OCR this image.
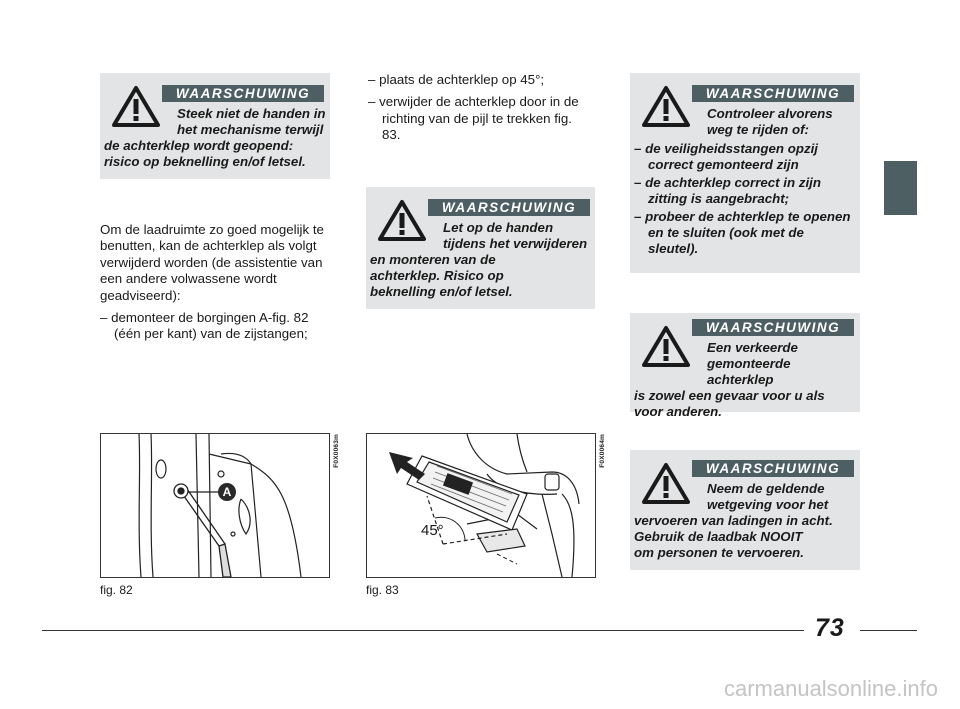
WAARSCHUWING

Steek niet de handen in

het mechanisme terwijl

de achterklep wordt geopend:

risico op beknelling en/of letsel.

Om de laadruimte zo goed mogelijk te benutten, kan de achterklep als volgt verwijderd worden (de assistentie van een andere volwassene wordt geadviseerd):

– demonteer de borgingen A-fig. 82 (één per kant) van de zijstangen;

– plaats de achterklep op 45°;

– verwijder de achterklep door in de richting van de pijl te trekken fig. 83.

WAARSCHUWING

Let op de handen

tijdens het verwijderen

en monteren van de

achterklep. Risico op

beknelling en/of letsel.

WAARSCHUWING

Controleer alvorens

weg te rijden of:

– de veiligheidsstangen opzij correct gemonteerd zijn

– de achterklep correct in zijn zitting is aangebracht;

– probeer de achterklep te openen en te sluiten (ook met de sleutel).

WAARSCHUWING

Een verkeerde

gemonteerde achterklep

is zowel een gevaar voor u als

voor anderen.

WAARSCHUWING

Neem de geldende

wetgeving voor het

vervoeren van ladingen in acht.

Gebruik de laadbak NOOIT

om personen te vervoeren.

A
F0X0063m
fig. 82
45°
F0X0064m
fig. 83
73
carmanualsonline.info
